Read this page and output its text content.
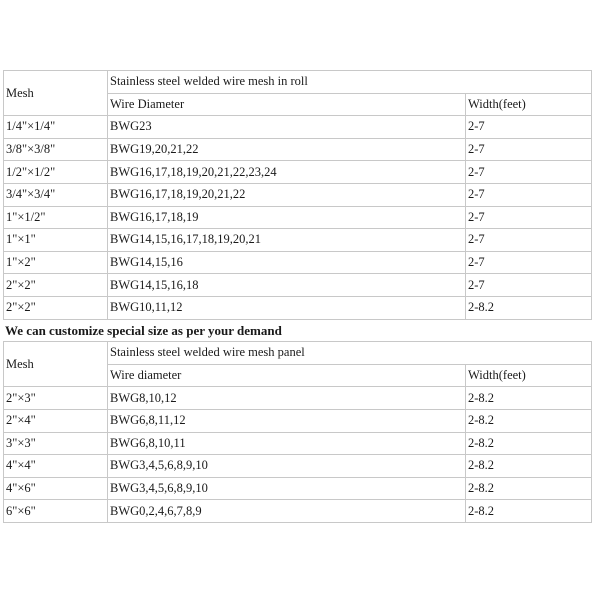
Mesh	Stainless steel welded wire mesh in roll	
	Wire Diameter	Width(feet)
1/4"×1/4"	BWG23	2-7
3/8"×3/8"	BWG19,20,21,22	2-7
1/2"×1/2"	BWG16,17,18,19,20,21,22,23,24	2-7
3/4"×3/4"	BWG16,17,18,19,20,21,22	2-7
1"×1/2"	BWG16,17,18,19	2-7
1"×1"	BWG14,15,16,17,18,19,20,21	2-7
1"×2"	BWG14,15,16	2-7
2"×2"	BWG14,15,16,18	2-7
2"×2"	BWG10,11,12	2-8.2
We can customize special size as per your demand
Mesh	Stainless steel welded wire mesh panel	
	Wire diameter	Width(feet)
2"×3"	BWG8,10,12	2-8.2
2"×4"	BWG6,8,11,12	2-8.2
3"×3"	BWG6,8,10,11	2-8.2
4"×4"	BWG3,4,5,6,8,9,10	2-8.2
4"×6"	BWG3,4,5,6,8,9,10	2-8.2
6"×6"	BWG0,2,4,6,7,8,9	2-8.2
